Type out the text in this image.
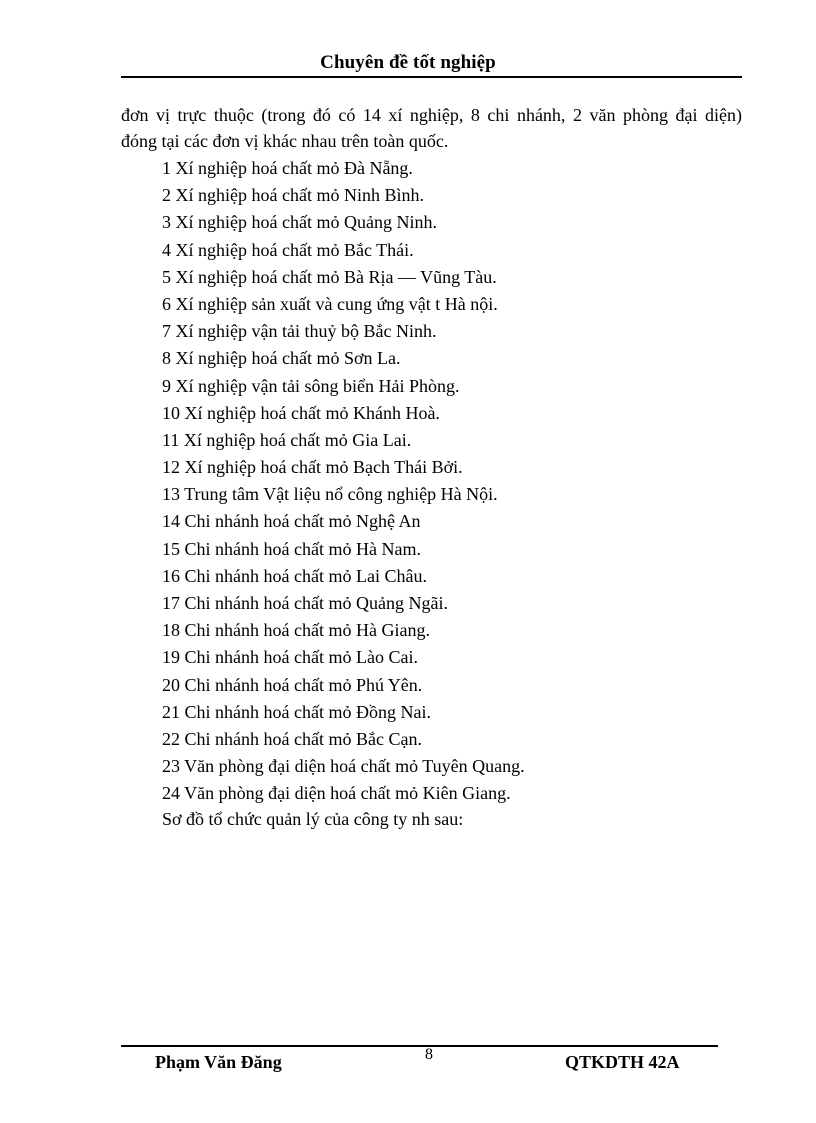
Chuyên đề tốt nghiệp
đơn vị trực thuộc (trong đó có 14 xí nghiệp, 8 chi nhánh, 2 văn phòng đại diện)
đóng tại các đơn vị khác nhau trên toàn quốc.
1 Xí nghiệp hoá chất mỏ Đà Nẵng.
2 Xí nghiệp hoá chất mỏ Ninh Bình.
3 Xí nghiệp hoá chất mỏ Quảng Ninh.
4 Xí nghiệp hoá chất mỏ Bắc Thái.
5 Xí nghiệp hoá chất mỏ Bà Rịa — Vũng Tàu.
6 Xí nghiệp sản xuất và cung ứng vật t Hà nội.
7 Xí nghiệp vận tải thuỷ bộ Bắc Ninh.
8 Xí nghiệp hoá chất mỏ Sơn La.
9 Xí nghiệp vận tải sông biển Hải Phòng.
10 Xí nghiệp hoá chất mỏ Khánh Hoà.
11 Xí nghiệp hoá chất mỏ Gia Lai.
12 Xí nghiệp hoá chất mỏ Bạch Thái Bởi.
13 Trung tâm Vật liệu nổ công nghiệp Hà Nội.
14 Chi nhánh hoá chất mỏ Nghệ An
15 Chi nhánh hoá chất mỏ Hà Nam.
16 Chi nhánh hoá chất mỏ Lai Châu.
17 Chi nhánh hoá chất mỏ Quảng Ngãi.
18 Chi nhánh hoá chất mỏ Hà Giang.
19 Chi nhánh hoá chất mỏ Lào Cai.
20 Chi nhánh hoá chất mỏ Phú Yên.
21 Chi nhánh hoá chất mỏ Đồng Nai.
22 Chi nhánh hoá chất mỏ Bắc Cạn.
23 Văn phòng đại diện hoá chất mỏ Tuyên Quang.
24 Văn phòng đại diện hoá chất mỏ Kiên Giang.
Sơ đồ tổ chức quản lý của công ty nh sau:
Phạm Văn Đăng	8	QTKDTH 42A
